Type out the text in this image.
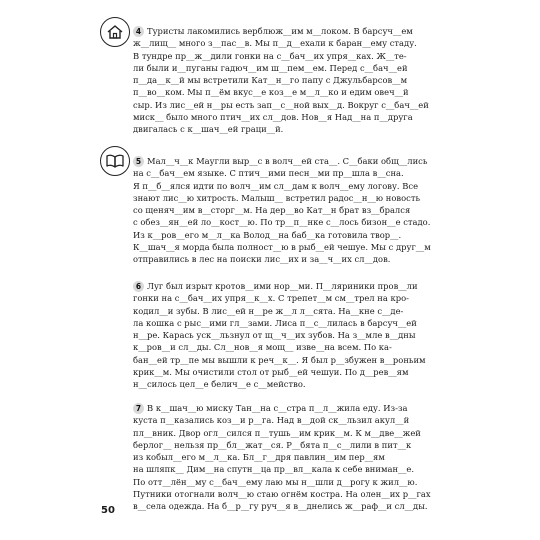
4 Туристы лакомились верблюж__им м__локом. В барсуч__ем
ж__лищ__ много з__пас__в. Мы п__д__ехали к баран__ему стаду.
В тундре пр__ж__дили гонки на с__бач__их упря__ках. Ж__те-
ли были и__пуганы гадюч__им ш__пем__ем. Перед с__бач__ей
п__да__к__й мы встретили Кат__н__го папу с Джульбарсов__м
п__во__ком. Мы п__ём вкус__е коз__е м__л__ко и едим овеч__й
сыр. Из лис__ей н__ры есть зап__с__ной вых__д. Вокруг с__бач__ей
миск__ было много птич__их сл__дов. Нов__я Над__на п__друга
двигалась с к__шач__ей граци__й.
5 Мал__ч__к Маугли выр__с в волч__ей ста__. С__баки общ__лись
на с__бач__ем языке. С птич__ими песн__ми пр__шла в__сна.
Я п__б__ялся идти по волч__им сл__дам к волч__ему логову. Все
знают лис__ю хитрость. Малыш__ встретил радос__н__ю новость
со щеняч__им в__сторг__м. На дер__во Кат__н брат вз__брался
с обез__ян__ей ло__кост__ю. По тр__п__нке с__лось бизон__е стадо.
Из к__ров__его м__л__ка Волод__на баб__ка готовила твор__.
К__шач__я морда была полност__ю в рыб__ей чешуе. Мы с друг__м
отправились в лес на поиски лис__их и за__ч__их сл__дов.
6 Луг был изрыт кротов__ими нор__ми. П__ляриники пров__ли
гонки на с__бач__их упря__к__х. С трепет__м см__трел на кро-
кодил__и зубы. В лис__ей н__ре ж__л л__сята. На__кне с__де-
ла кошка с рыс__ими гл__зами. Лиса п__с__лилась в барсуч__ей
н__ре. Карась уск__льзнул от щ__ч__их зубов. На з__мле в__дны
к__ров__и сл__ды. Сл__нов__я мощ__ изве__на всем. По ка-
бан__ей тр__пе мы вышли к реч__к__. Я был р__збужен в__роньим
крик__м. Мы очистили стол от рыб__ей чешуи. По д__рев__ям
н__силось цел__е белич__е с__мейство.
7 В к__шач__ю миску Тан__на с__стра п__л__жила еду. Из-за
куста п__казались коз__и р__га. Над в__дой ск__льзил акул__й
пл__вник. Двор огл__сился п__тушь__им крик__м. К м__две__жей
берлог__ нельзя пр__бл__жат__ся. Р__бята п__с__лили в пит__к
из кобыл__его м__л__ка. Бл__г__дря павлин__им пер__ям
на шляпк__ Дим__на спутн__ца пр__вл__кала к себе вниман__е.
По отт__лён__му с__бач__ему лаю мы н__шли д__рогу к жил__ю.
Путники отогнали волч__ю стаю огнём костра. На олен__их р__гах
в__села одежда. На б__р__гу руч__я в__днелись ж__раф__и сл__ды.
50
